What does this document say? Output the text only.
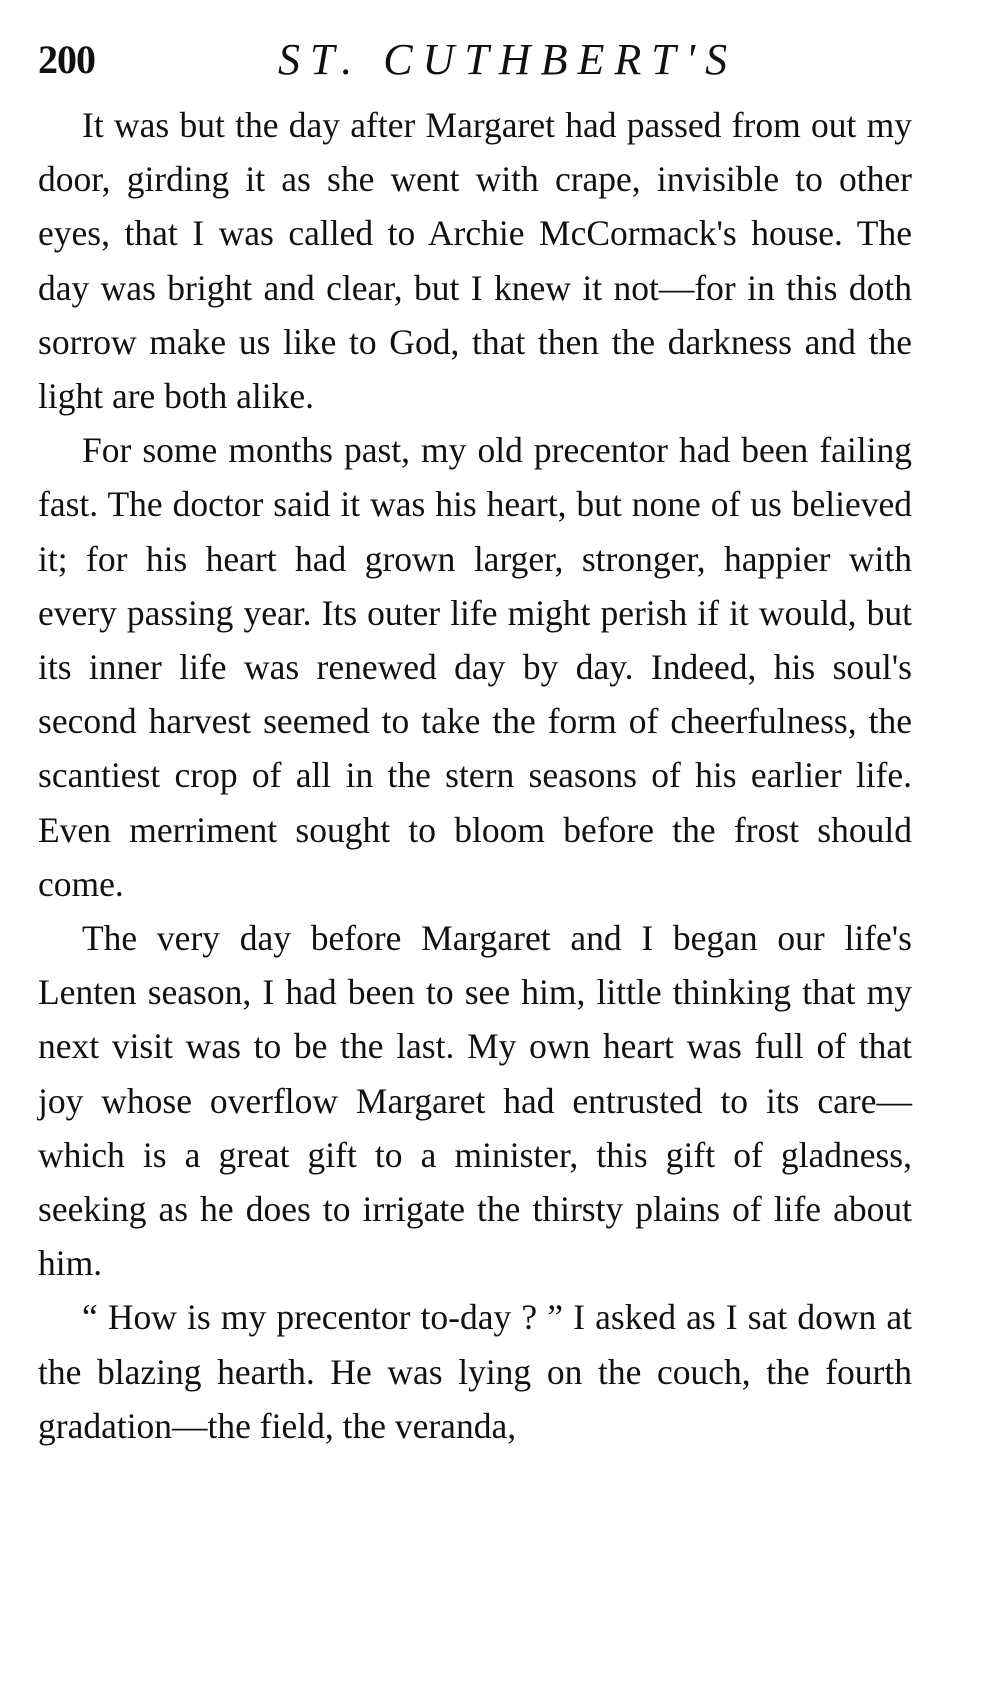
200	ST. CUTHBERT'S

It was but the day after Margaret had passed from out my door, girding it as she went with crape, invisible to other eyes, that I was called to Archie McCormack's house. The day was bright and clear, but I knew it not—for in this doth sorrow make us like to God, that then the darkness and the light are both alike.

For some months past, my old precentor had been failing fast. The doctor said it was his heart, but none of us believed it; for his heart had grown larger, stronger, happier with every passing year. Its outer life might perish if it would, but its inner life was renewed day by day. Indeed, his soul's second harvest seemed to take the form of cheerfulness, the scantiest crop of all in the stern seasons of his earlier life. Even merriment sought to bloom before the frost should come.

The very day before Margaret and I began our life's Lenten season, I had been to see him, little thinking that my next visit was to be the last. My own heart was full of that joy whose overflow Margaret had entrusted to its care—which is a great gift to a minister, this gift of gladness, seeking as he does to irrigate the thirsty plains of life about him.

“ How is my precentor to-day ? ” I asked as I sat down at the blazing hearth. He was lying on the couch, the fourth gradation—the field, the veranda,
